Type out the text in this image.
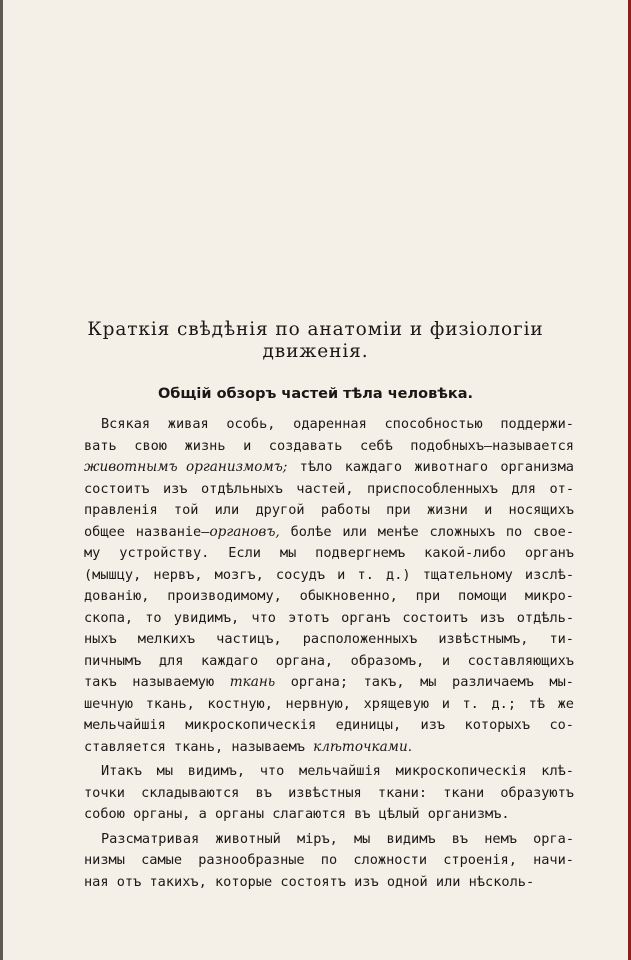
Краткія свѣдѣнія по анатоміи и физіологіи
движенія.
Общій обзоръ частей тѣла человѣка.
Всякая живая особь, одаренная способностью поддержи-
вать свою жизнь и создавать себѣ подобныхъ—называется
животнымъ организмомъ; тѣло каждаго животнаго организма
состоитъ изъ отдѣльныхъ частей, приспособленныхъ для от-
правленія той или другой работы при жизни и носящихъ
общее названіе—органовъ, болѣе или менѣе сложныхъ по свое-
му устройству. Если мы подвергнемъ какой-либо органъ
(мышцу, нервъ, мозгъ, сосудъ и т. д.) тщательному изслѣ-
дованію, производимому, обыкновенно, при помощи микро-
скопа, то увидимъ, что этотъ органъ состоитъ изъ отдѣль-
ныхъ мелкихъ частицъ, расположенныхъ извѣстнымъ, ти-
пичнымъ для каждаго органа, образомъ, и составляющихъ
такъ называемую ткань органа; такъ, мы различаемъ мы-
шечную ткань, костную, нервную, хрящевую и т. д.; тѣ же
мельчайшія микроскопическія единицы, изъ которыхъ со-
ставляется ткань, называемъ клѣточками.
Итакъ мы видимъ, что мельчайшія микроскопическія клѣ-
точки складываются въ извѣстныя ткани: ткани образуютъ
собою органы, а органы слагаются въ цѣлый организмъ.
Разсматривая животный міръ, мы видимъ въ немъ орга-
низмы самые разнообразные по сложности строенія, начи-
ная отъ такихъ, которые состоятъ изъ одной или нѣсколь-
